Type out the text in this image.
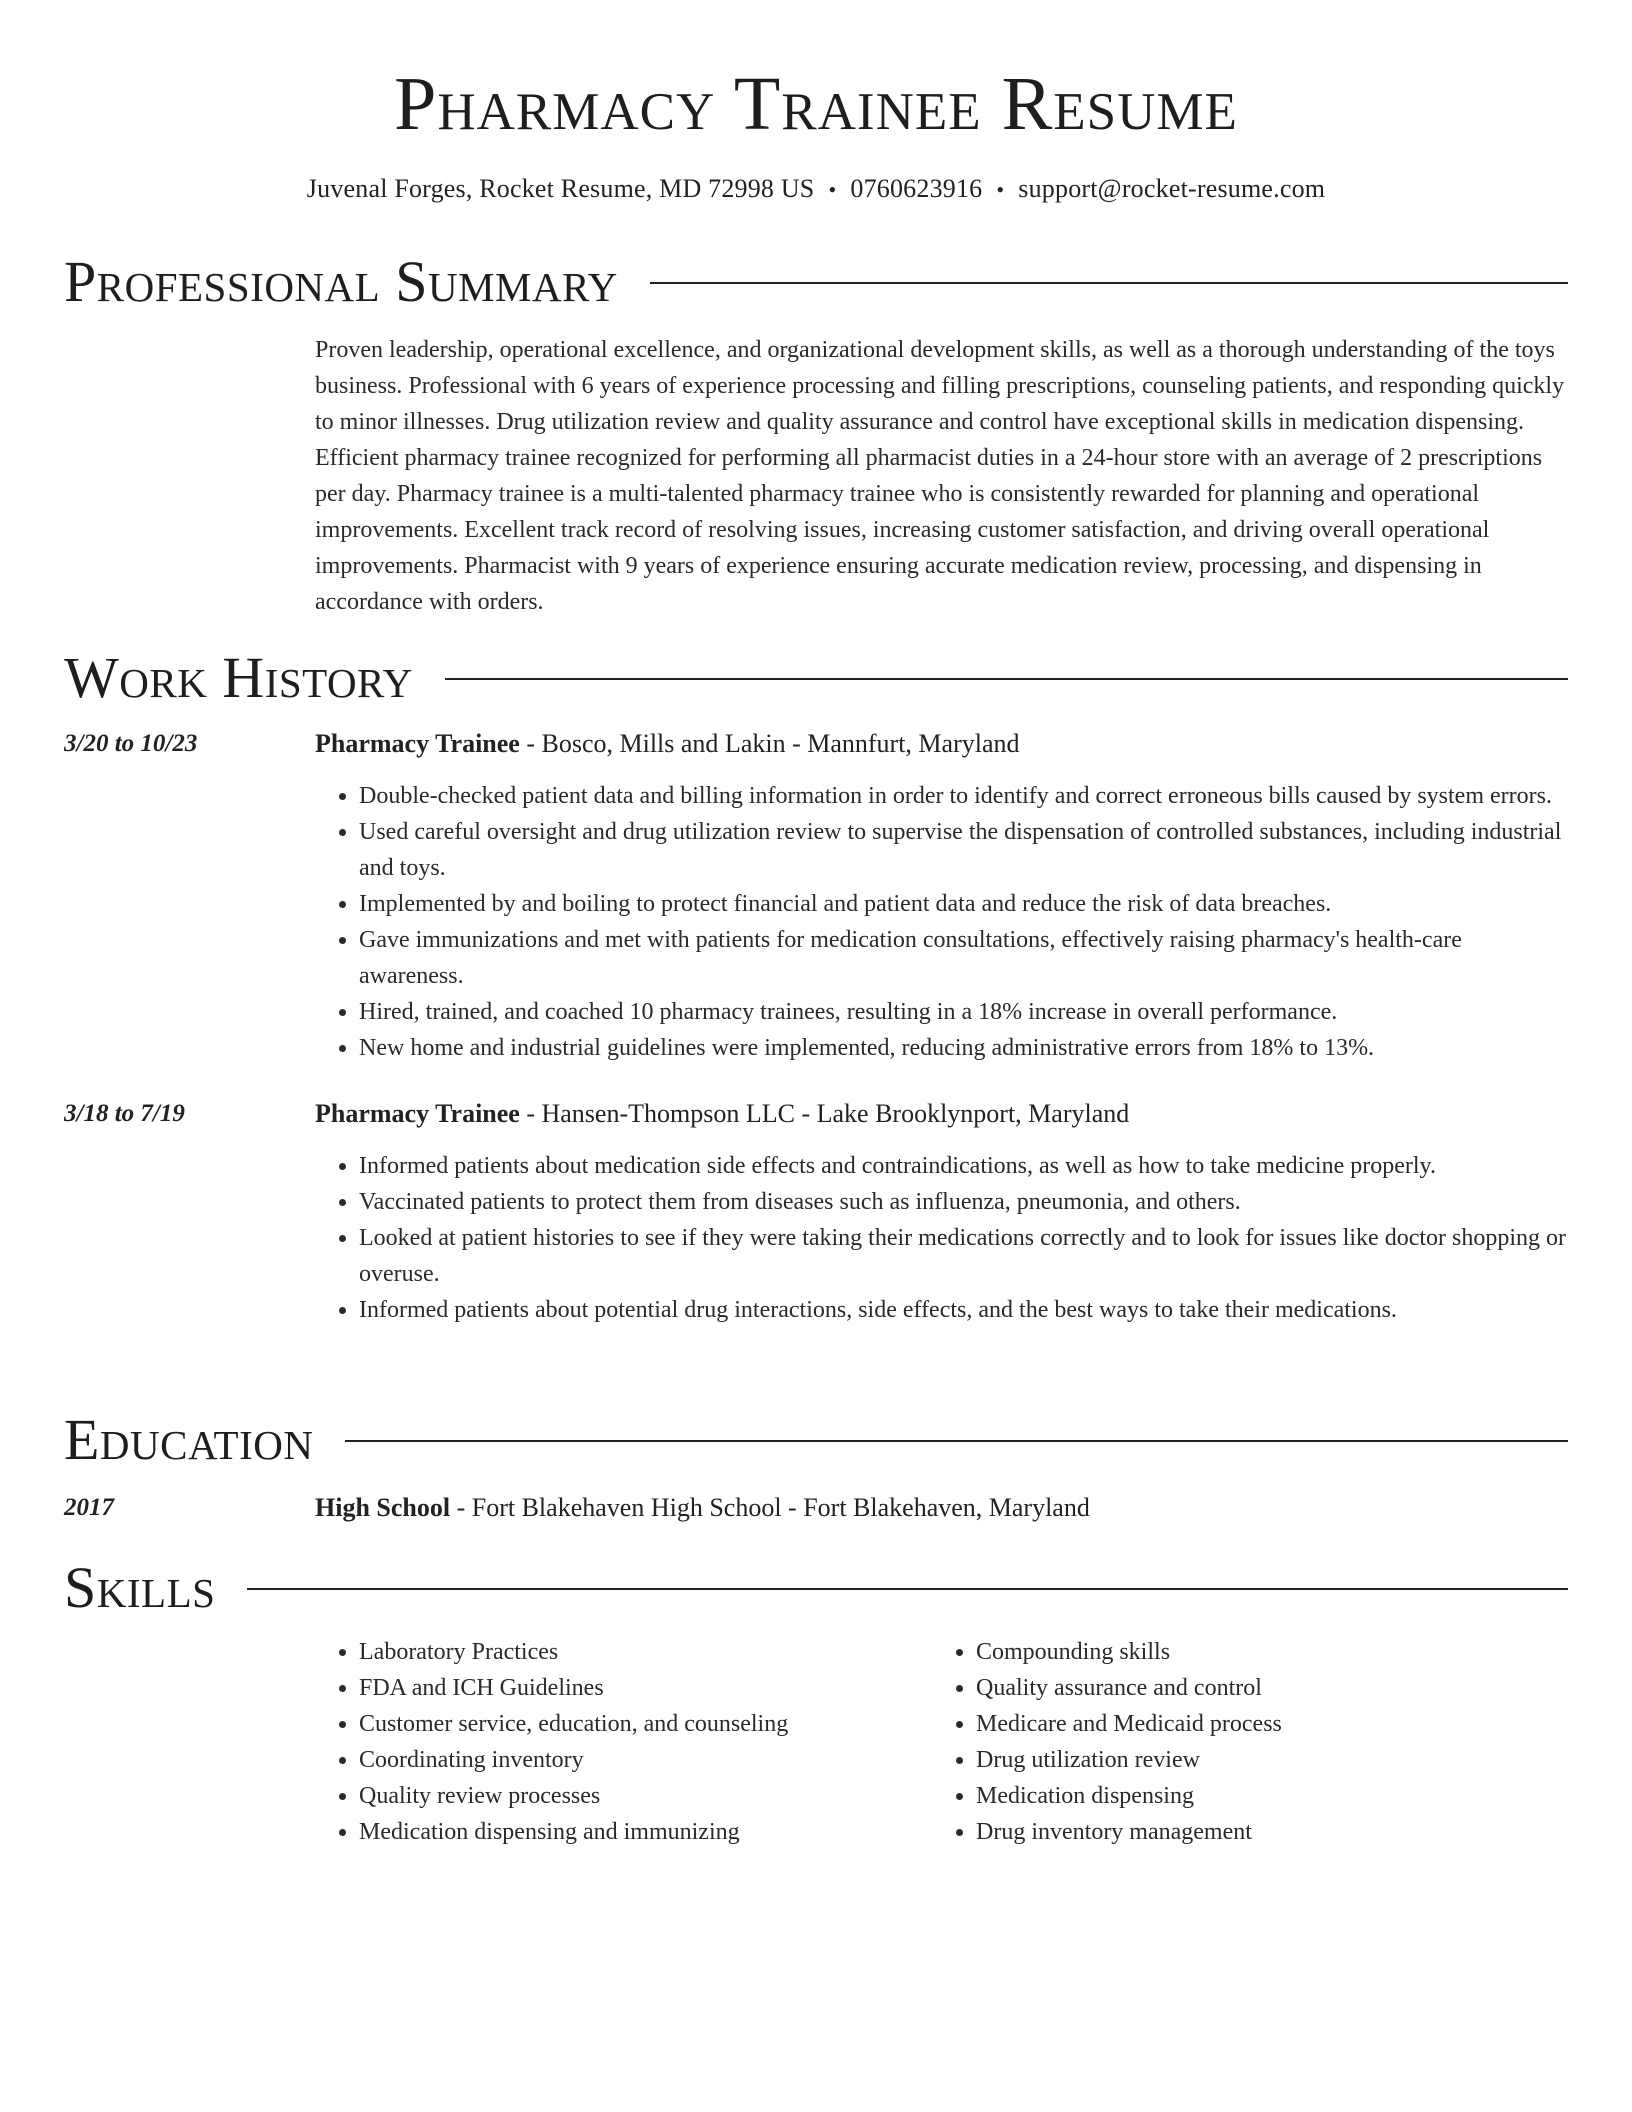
Pharmacy Trainee Resume
Juvenal Forges, Rocket Resume, MD 72998 US • 0760623916 • support@rocket-resume.com
Professional Summary

Proven leadership, operational excellence, and organizational development skills, as well as a thorough understanding of the toys business. Professional with 6 years of experience processing and filling prescriptions, counseling patients, and responding quickly to minor illnesses. Drug utilization review and quality assurance and control have exceptional skills in medication dispensing. Efficient pharmacy trainee recognized for performing all pharmacist duties in a 24-hour store with an average of 2 prescriptions per day. Pharmacy trainee is a multi-talented pharmacy trainee who is consistently rewarded for planning and operational improvements. Excellent track record of resolving issues, increasing customer satisfaction, and driving overall operational improvements. Pharmacist with 9 years of experience ensuring accurate medication review, processing, and dispensing in accordance with orders.

Work History
3/20 to 10/23	Pharmacy Trainee - Bosco, Mills and Lakin - Mannfurt, Maryland
• Double-checked patient data and billing information in order to identify and correct erroneous bills caused by system errors.
• Used careful oversight and drug utilization review to supervise the dispensation of controlled substances, including industrial and toys.
• Implemented by and boiling to protect financial and patient data and reduce the risk of data breaches.
• Gave immunizations and met with patients for medication consultations, effectively raising pharmacy's health-care awareness.
• Hired, trained, and coached 10 pharmacy trainees, resulting in a 18% increase in overall performance.
• New home and industrial guidelines were implemented, reducing administrative errors from 18% to 13%.
3/18 to 7/19	Pharmacy Trainee - Hansen-Thompson LLC - Lake Brooklynport, Maryland
• Informed patients about medication side effects and contraindications, as well as how to take medicine properly.
• Vaccinated patients to protect them from diseases such as influenza, pneumonia, and others.
• Looked at patient histories to see if they were taking their medications correctly and to look for issues like doctor shopping or overuse.
• Informed patients about potential drug interactions, side effects, and the best ways to take their medications.
Education
2017	High School - Fort Blakehaven High School - Fort Blakehaven, Maryland
Skills
• Laboratory Practices
• FDA and ICH Guidelines
• Customer service, education, and counseling
• Coordinating inventory
• Quality review processes
• Medication dispensing and immunizing
• Compounding skills
• Quality assurance and control
• Medicare and Medicaid process
• Drug utilization review
• Medication dispensing
• Drug inventory management
